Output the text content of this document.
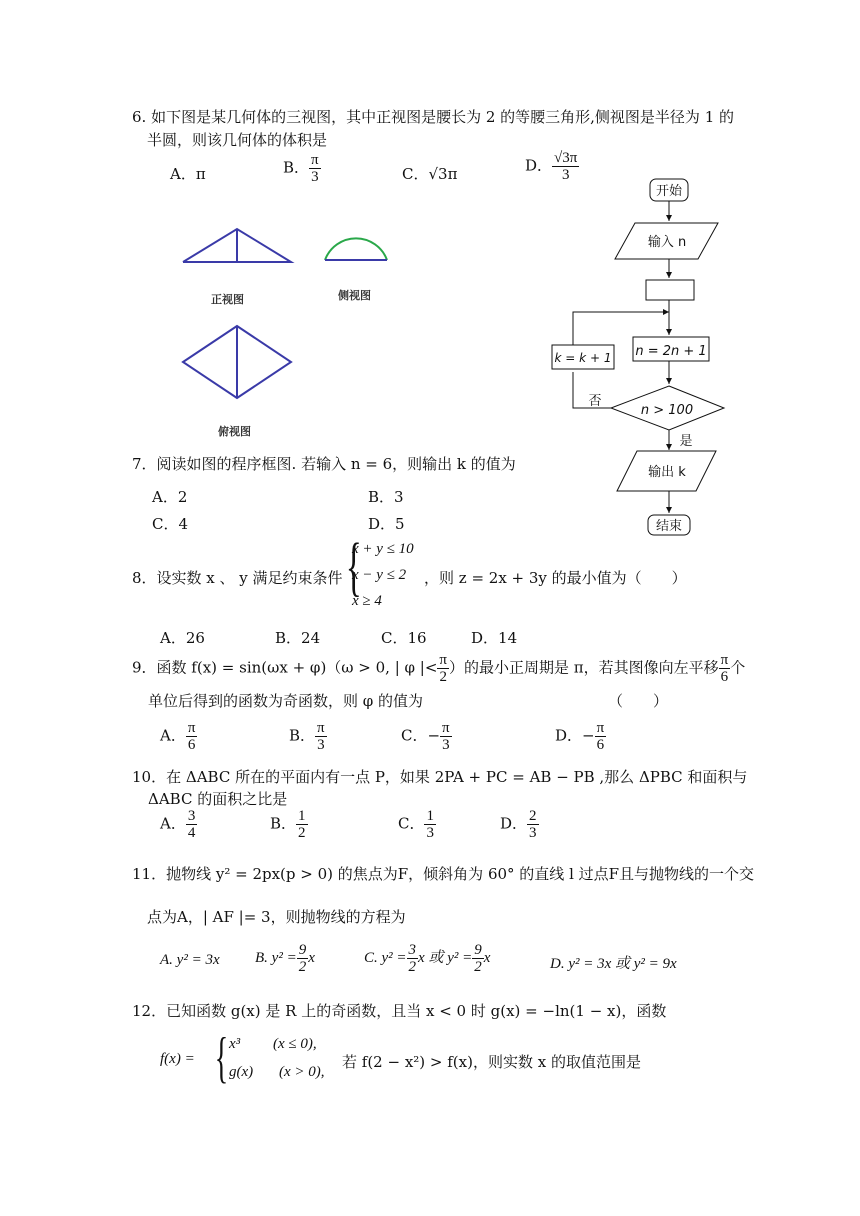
6. 如下图是某几何体的三视图，其中正视图是腰长为 2 的等腰三角形,侧视图是半径为 1 的
半圆，则该几何体的体积是
A．π	B． $\frac{\pi}{3}$	C．√3π	D． $\frac{√3\pi}{3}$
正视图	侧视图
俯视图
开始
输入 n
n = 2n + 1
k = k + 1
n > 100
否
是
输出 k
结束
7．阅读如图的程序框图. 若输入 n = 6，则输出 k 的值为
A．2	B．3
C．4	D．5
8．设实数 x 、 y 满足约束条件 {
x + y ≤ 10
x − y ≤ 2
x ≥ 4
，则 z = 2x + 3y 的最小值为（　　）
A．26	B．24	C．16	D．14
9．函数 f(x) = sin(ωx + φ)（ω > 0, | φ |< $\frac{\pi}{2}$ ）的最小正周期是 π，若其图像向左平移 $\frac{\pi}{6}$ 个
单位后得到的函数为奇函数，则 φ 的值为	（　　）
A． $\frac{\pi}{6}$	B． $\frac{\pi}{3}$	C．− $\frac{\pi}{3}$	D．− $\frac{\pi}{6}$
10．在 ΔABC 所在的平面内有一点 P，如果 2PA + PC = AB − PB ,那么 ΔPBC 和面积与
ΔABC 的面积之比是
A． $\frac{3}{4}$	B． $\frac{1}{2}$	C． $\frac{1}{3}$	D． $\frac{2}{3}$
11．抛物线 y² = 2px(p > 0) 的焦点为F，倾斜角为 60° 的直线 l 过点F且与抛物线的一个交
点为A，| AF |= 3，则抛物线的方程为
A. y² = 3x B. $y^2 = \frac{9}{2}$ x	C. $y^2 = \frac{3}{2}$ x 或 $y^2 = \frac{9}{2}$ x	D. y² = 3x 或 y² = 9x
12．已知函数 g(x) 是 R 上的奇函数，且当 x < 0 时 g(x) = −ln(1 − x)，函数
f(x) = { x³ (x ≤ 0),
g(x) (x > 0),
若 f(2 − x²) > f(x)，则实数 x 的取值范围是
